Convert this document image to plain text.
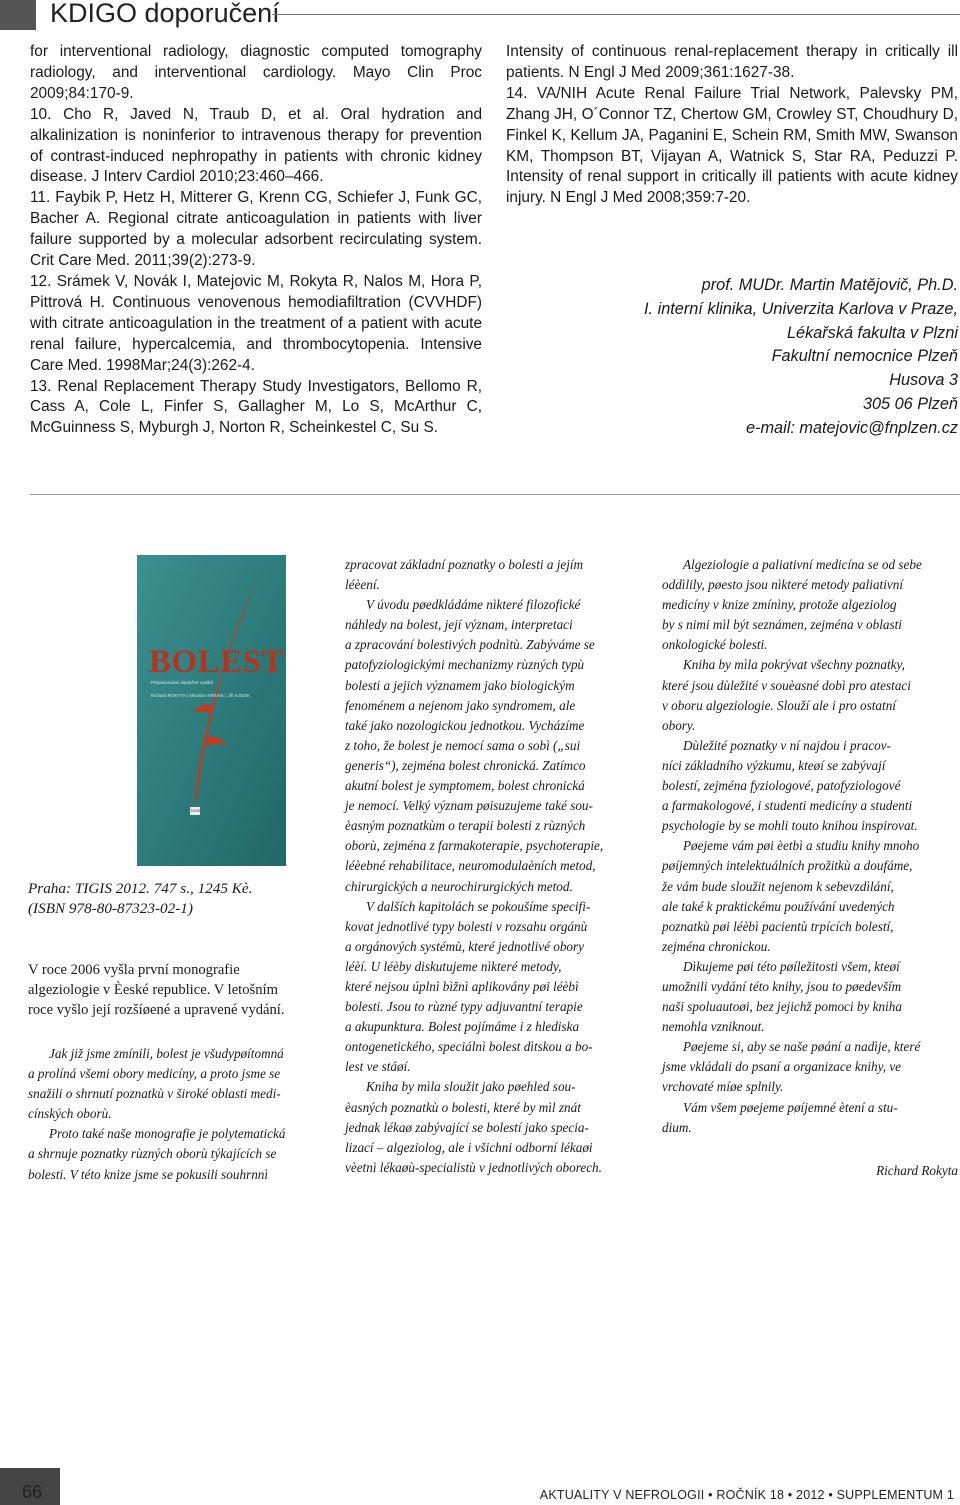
KDIGO doporučení

for interventional radiology, diagnostic computed tomography radiology, and interventional cardiology. Mayo Clin Proc 2009;84:170-9.

10. Cho R, Javed N, Traub D, et al. Oral hydration and alkalinization is noninferior to intravenous therapy for prevention of contrast-induced nephropathy in patients with chronic kidney disease. J Interv Cardiol 2010;23:460–466.

11. Faybik P, Hetz H, Mitterer G, Krenn CG, Schiefer J, Funk GC, Bacher A. Regional citrate anticoagulation in patients with liver failure supported by a molecular adsorbent recirculating system. Crit Care Med. 2011;39(2):273-9.

12. Srámek V, Novák I, Matejovic M, Rokyta R, Nalos M, Hora P, Pittrová H. Continuous venovenous hemodiafiltration (CVVHDF) with citrate anticoagulation in the treatment of a patient with acute renal failure, hypercalcemia, and thrombocytopenia. Intensive Care Med. 1998Mar;24(3):262-4.

13. Renal Replacement Therapy Study Investigators, Bellomo R, Cass A, Cole L, Finfer S, Gallagher M, Lo S, McArthur C, McGuinness S, Myburgh J, Norton R, Scheinkestel C, Su S.

Intensity of continuous renal-replacement therapy in critically ill patients. N Engl J Med 2009;361:1627-38.

14. VA/NIH Acute Renal Failure Trial Network, Palevsky PM, Zhang JH, O´Connor TZ, Chertow GM, Crowley ST, Choudhury D, Finkel K, Kellum JA, Paganini E, Schein RM, Smith MW, Swanson KM, Thompson BT, Vijayan A, Watnick S, Star RA, Peduzzi P. Intensity of renal support in critically ill patients with acute kidney injury. N Engl J Med 2008;359:7-20.

prof. MUDr. Martin Matějovič, Ph.D.
I. interní klinika, Univerzita Karlova v Praze,
Lékařská fakulta v Plzni
Fakultní nemocnice Plzeň
Husova 3
305 06 Plzeň
e-mail: matejovic@fnplzen.cz
BOLEST
Přepracované doplněné vydání
Richard ROKYTA | Miroslav KRŠIAK | Jiří KOZÁK
TIGIS
Praha: TIGIS 2012. 747 s., 1245 Kè.
(ISBN 978-80-87323-02-1)
V roce 2006 vyšla první monografie
algeziologie v Èeské republice. V letošním
roce vyšlo její rozšíøené a upravené vydání.

Jak již jsme zmínili, bolest je všudypøítomná
a prolíná všemi obory medicíny, a proto jsme se
snažili o shrnutí poznatkù v široké oblasti medi-
cínských oborù.

Proto také naše monografie je polytematická
a shrnuje poznatky rùzných oborù týkajících se
bolesti. V této knize jsme se pokusili souhrnnì

zpracovat základní poznatky o bolesti a jejím
léèení.

V úvodu pøedkládáme nìkteré filozofické
náhledy na bolest, její význam, interpretaci
a zpracování bolestivých podnìtù. Zabýváme se
patofyziologickými mechanizmy rùzných typù
bolesti a jejich významem jako biologickým
fenoménem a nejenom jako syndromem, ale
také jako nozologickou jednotkou. Vycházíme
z toho, že bolest je nemocí sama o sobì („sui
generis“), zejména bolest chronická. Zatímco
akutní bolest je symptomem, bolest chronická
je nemocí. Velký význam pøisuzujeme také sou-
èasným poznatkùm o terapii bolesti z rùzných
oborù, zejména z farmakoterapie, psychoterapie,
léèebné rehabilitace, neuromodulaèních metod,
chirurgických a neurochirurgických metod.

V dalších kapitolách se pokoušíme specifi-
kovat jednotlivé typy bolesti v rozsahu orgánù
a orgánových systémù, které jednotlivé obory
léèí. U léèby diskutujeme nìkteré metody,
které nejsou úplnì bìžnì aplikovány pøi léèbì
bolesti. Jsou to rùzné typy adjuvantní terapie
a akupunktura. Bolest pojímáme i z hlediska
ontogenetického, speciálnì bolest dìtskou a bo-
lest ve stáøí.

Kniha by mìla sloužit jako pøehled sou-
èasných poznatkù o bolesti, které by mìl znát
jednak lékaø zabývající se bolestí jako specia-
lizací – algeziolog, ale i všichni odborní lékaøi
vèetnì lékaøù-specialistù v jednotlivých oborech.

Algeziologie a paliativní medicína se od sebe
oddìlily, pøesto jsou nìkteré metody paliativní
medicíny v knize zmínìny, protože algeziolog
by s nimi mìl být seznámen, zejména v oblasti
onkologické bolesti.

Kniha by mìla pokrývat všechny poznatky,
které jsou dùležité v souèasné dobì pro atestaci
v oboru algeziologie. Slouží ale i pro ostatní
obory.

Dùležité poznatky v ní najdou i pracov-
níci základního výzkumu, kteøí se zabývají
bolestí, zejména fyziologové, patofyziologové
a farmakologové, i studenti medicíny a studenti
psychologie by se mohli touto knihou inspirovat.

Pøejeme vám pøi èetbì a studiu knihy mnoho
pøíjemných intelektuálních prožitkù a doufáme,
že vám bude sloužit nejenom k sebevzdìlání,
ale také k praktickému používání uvedených
poznatkù pøi léèbì pacientù trpících bolestí,
zejména chronickou.

Dìkujeme pøi této pøíležitosti všem, kteøí
umožnili vydání této knihy, jsou to pøedevším
naši spoluautoøi, bez jejichž pomoci by kniha
nemohla vzniknout.

Pøejeme si, aby se naše pøání a nadìje, které
jsme vkládali do psaní a organizace knihy, ve
vrchovaté míøe splnily.

Vám všem pøejeme pøíjemné ètení a stu-
dium.

Richard Rokyta
66	AKTUALITY V NEFROLOGII • ROČNÍK 18 • 2012 • SUPPLEMENTUM 1
